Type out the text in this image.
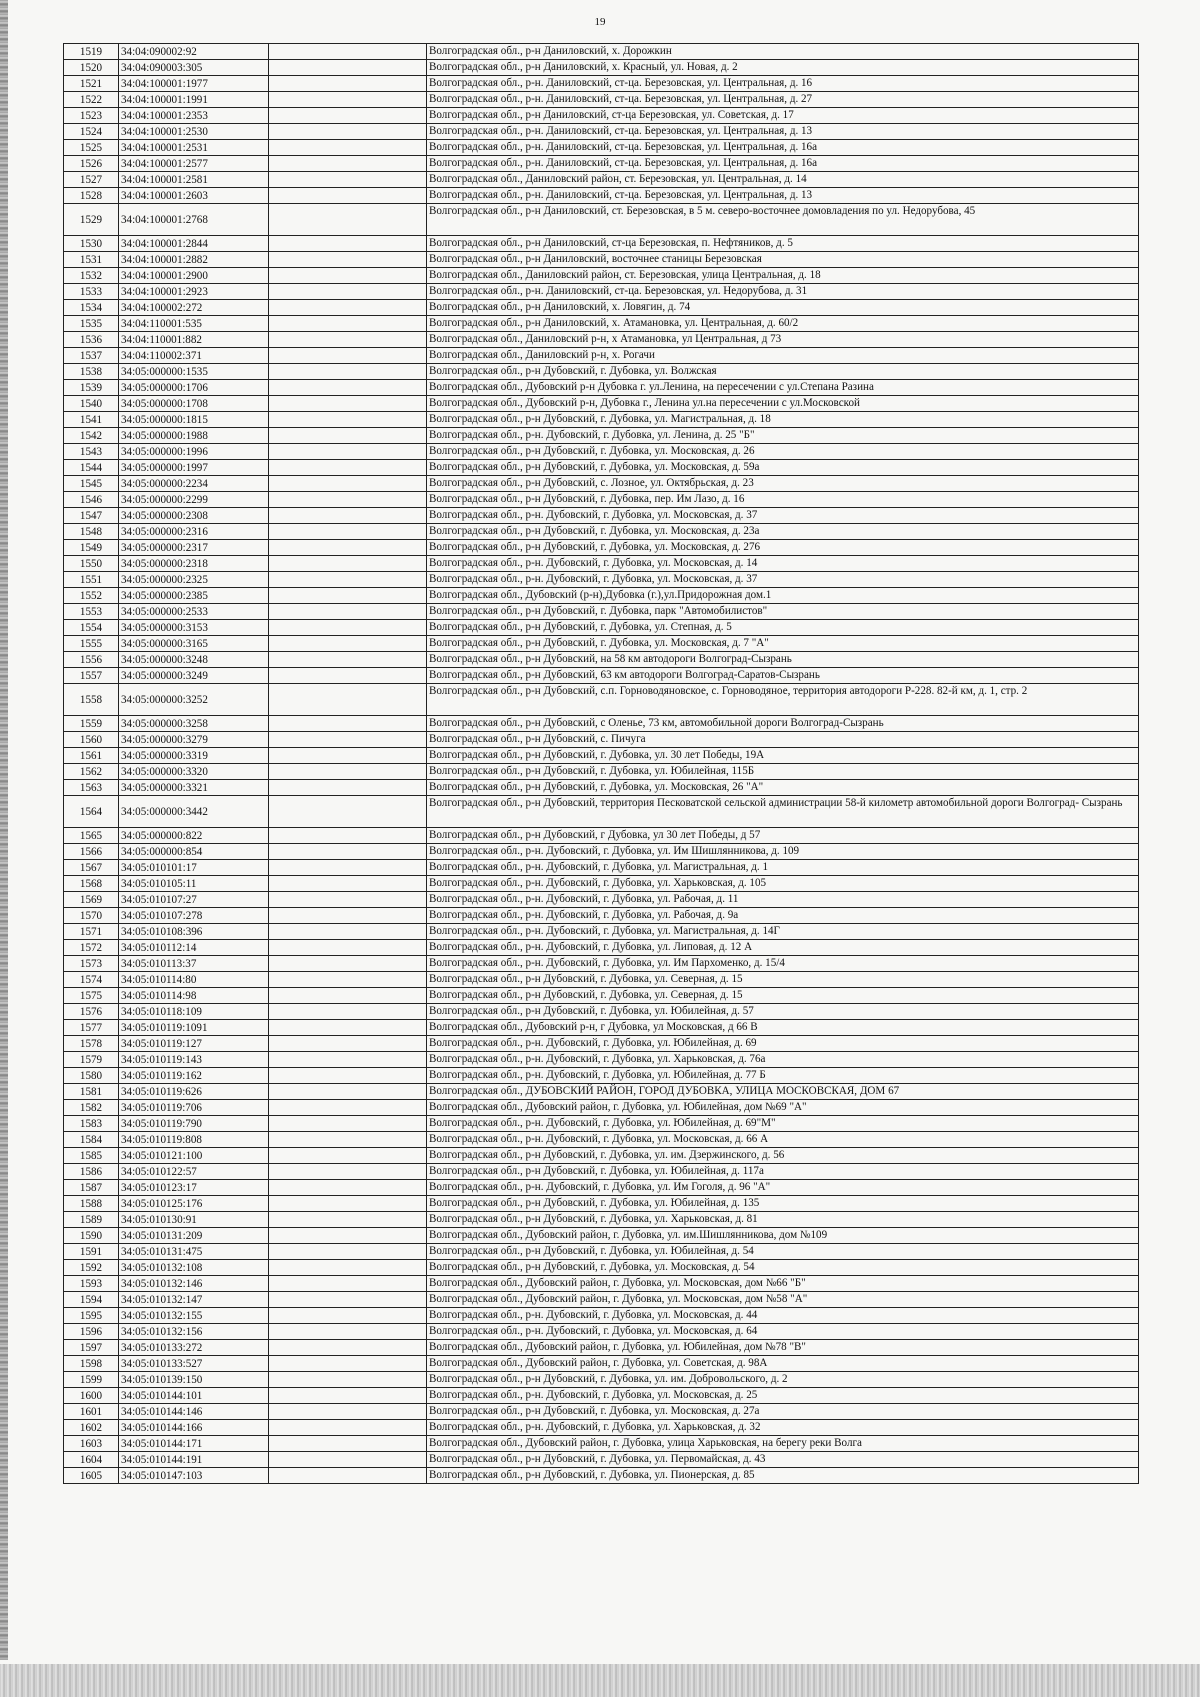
19
1519	34:04:090002:92		Волгоградская обл., р-н Даниловский, х. Дорожкин
1520	34:04:090003:305		Волгоградская обл., р-н Даниловский, х. Красный, ул. Новая, д. 2
1521	34:04:100001:1977		Волгоградская обл., р-н. Даниловский, ст-ца. Березовская, ул. Центральная, д. 16
1522	34:04:100001:1991		Волгоградская обл., р-н. Даниловский, ст-ца. Березовская, ул. Центральная, д. 27
1523	34:04:100001:2353		Волгоградская обл., р-н Даниловский, ст-ца Березовская, ул. Советская, д. 17
1524	34:04:100001:2530		Волгоградская обл., р-н. Даниловский, ст-ца. Березовская, ул. Центральная, д. 13
1525	34:04:100001:2531		Волгоградская обл., р-н. Даниловский, ст-ца. Березовская, ул. Центральная, д. 16а
1526	34:04:100001:2577		Волгоградская обл., р-н. Даниловский, ст-ца. Березовская, ул. Центральная, д. 16а
1527	34:04:100001:2581		Волгоградская обл., Даниловский район, ст. Березовская, ул. Центральная, д. 14
1528	34:04:100001:2603		Волгоградская обл., р-н. Даниловский, ст-ца. Березовская, ул. Центральная, д. 13
1529	34:04:100001:2768		Волгоградская обл., р-н Даниловский, ст. Березовская, в 5 м. северо-восточнее домовладения по ул. Недорубова, 45
1530	34:04:100001:2844		Волгоградская обл., р-н Даниловский, ст-ца Березовская, п. Нефтяников, д. 5
1531	34:04:100001:2882		Волгоградская обл., р-н Даниловский, восточнее станицы Березовская
1532	34:04:100001:2900		Волгоградская обл., Даниловский район, ст. Березовская, улица Центральная, д. 18
1533	34:04:100001:2923		Волгоградская обл., р-н. Даниловский, ст-ца. Березовская, ул. Недорубова, д. 31
1534	34:04:100002:272		Волгоградская обл., р-н Даниловский, х. Ловягин, д. 74
1535	34:04:110001:535		Волгоградская обл., р-н Даниловский, х. Атамановка, ул. Центральная, д. 60/2
1536	34:04:110001:882		Волгоградская обл., Даниловский р-н, х Атамановка, ул Центральная, д 73
1537	34:04:110002:371		Волгоградская обл., Даниловский р-н, х. Рогачи
1538	34:05:000000:1535		Волгоградская обл., р-н Дубовский, г. Дубовка, ул. Волжская
1539	34:05:000000:1706		Волгоградская обл., Дубовский р-н Дубовка г. ул.Ленина, на пересечении с ул.Степана Разина
1540	34:05:000000:1708		Волгоградская обл., Дубовский р-н, Дубовка г., Ленина ул.на пересечении с ул.Московской
1541	34:05:000000:1815		Волгоградская обл., р-н Дубовский, г. Дубовка, ул. Магистральная, д. 18
1542	34:05:000000:1988		Волгоградская обл., р-н. Дубовский, г. Дубовка, ул. Ленина, д. 25 "Б"
1543	34:05:000000:1996		Волгоградская обл., р-н Дубовский, г. Дубовка, ул. Московская, д. 26
1544	34:05:000000:1997		Волгоградская обл., р-н Дубовский, г. Дубовка, ул. Московская, д. 59а
1545	34:05:000000:2234		Волгоградская обл., р-н Дубовский, с. Лозное, ул. Октябрьская, д. 23
1546	34:05:000000:2299		Волгоградская обл., р-н Дубовский, г. Дубовка, пер. Им Лазо, д. 16
1547	34:05:000000:2308		Волгоградская обл., р-н. Дубовский, г. Дубовка, ул. Московская, д. 37
1548	34:05:000000:2316		Волгоградская обл., р-н Дубовский, г. Дубовка, ул. Московская, д. 23а
1549	34:05:000000:2317		Волгоградская обл., р-н Дубовский, г. Дубовка, ул. Московская, д. 276
1550	34:05:000000:2318		Волгоградская обл., р-н. Дубовский, г. Дубовка, ул. Московская, д. 14
1551	34:05:000000:2325		Волгоградская обл., р-н. Дубовский, г. Дубовка, ул. Московская, д. 37
1552	34:05:000000:2385		Волгоградская обл., Дубовский (р-н),Дубовка (г.),ул.Придорожная дом.1
1553	34:05:000000:2533		Волгоградская обл., р-н Дубовский, г. Дубовка, парк "Автомобилистов"
1554	34:05:000000:3153		Волгоградская обл., р-н Дубовский, г. Дубовка, ул. Степная, д. 5
1555	34:05:000000:3165		Волгоградская обл., р-н Дубовский, г. Дубовка, ул. Московская, д. 7 "А"
1556	34:05:000000:3248		Волгоградская обл., р-н Дубовский, на 58 км автодороги Волгоград-Сызрань
1557	34:05:000000:3249		Волгоградская обл., р-н Дубовский, 63 км автодороги Волгоград-Саратов-Сызрань
1558	34:05:000000:3252		Волгоградская обл., р-н Дубовский, с.п. Горноводяновское, с. Горноводяное, территория автодороги Р-228. 82-й км, д. 1, стр. 2
1559	34:05:000000:3258		Волгоградская обл., р-н Дубовский, с Оленье, 73 км, автомобильной дороги Волгоград-Сызрань
1560	34:05:000000:3279		Волгоградская обл., р-н Дубовский, с. Пичуга
1561	34:05:000000:3319		Волгоградская обл., р-н Дубовский, г. Дубовка, ул. 30 лет Победы, 19А
1562	34:05:000000:3320		Волгоградская обл., р-н Дубовский, г. Дубовка, ул. Юбилейная, 115Б
1563	34:05:000000:3321		Волгоградская обл., р-н Дубовский, г. Дубовка, ул. Московская, 26 "А"
1564	34:05:000000:3442		Волгоградская обл., р-н Дубовский, территория Песковатской сельской администрации 58-й километр автомобильной дороги Волгоград- Сызрань
1565	34:05:000000:822		Волгоградская обл., р-н Дубовский, г Дубовка, ул 30 лет Победы, д 57
1566	34:05:000000:854		Волгоградская обл., р-н. Дубовский, г. Дубовка, ул. Им Шишлянникова, д. 109
1567	34:05:010101:17		Волгоградская обл., р-н. Дубовский, г. Дубовка, ул. Магистральная, д. 1
1568	34:05:010105:11		Волгоградская обл., р-н. Дубовский, г. Дубовка, ул. Харьковская, д. 105
1569	34:05:010107:27		Волгоградская обл., р-н. Дубовский, г. Дубовка, ул. Рабочая, д. 11
1570	34:05:010107:278		Волгоградская обл., р-н. Дубовский, г. Дубовка, ул. Рабочая, д. 9а
1571	34:05:010108:396		Волгоградская обл., р-н. Дубовский, г. Дубовка, ул. Магистральная, д. 14Г
1572	34:05:010112:14		Волгоградская обл., р-н. Дубовский, г. Дубовка, ул. Липовая, д. 12 А
1573	34:05:010113:37		Волгоградская обл., р-н. Дубовский, г. Дубовка, ул. Им Пархоменко, д. 15/4
1574	34:05:010114:80		Волгоградская обл., р-н Дубовский, г. Дубовка, ул. Северная, д. 15
1575	34:05:010114:98		Волгоградская обл., р-н Дубовский, г. Дубовка, ул. Северная, д. 15
1576	34:05:010118:109		Волгоградская обл., р-н Дубовский, г. Дубовка, ул. Юбилейная, д. 57
1577	34:05:010119:1091		Волгоградская обл., Дубовский р-н, г Дубовка, ул Московская, д 66 В
1578	34:05:010119:127		Волгоградская обл., р-н. Дубовский, г. Дубовка, ул. Юбилейная, д. 69
1579	34:05:010119:143		Волгоградская обл., р-н. Дубовский, г. Дубовка, ул. Харьковская, д. 76а
1580	34:05:010119:162		Волгоградская обл., р-н. Дубовский, г. Дубовка, ул. Юбилейная, д. 77 Б
1581	34:05:010119:626		Волгоградская обл., ДУБОВСКИЙ РАЙОН, ГОРОД ДУБОВКА, УЛИЦА МОСКОВСКАЯ, ДОМ 67
1582	34:05:010119:706		Волгоградская обл., Дубовский район, г. Дубовка, ул. Юбилейная, дом №69 "А"
1583	34:05:010119:790		Волгоградская обл., р-н. Дубовский, г. Дубовка, ул. Юбилейная, д. 69"М"
1584	34:05:010119:808		Волгоградская обл., р-н. Дубовский, г. Дубовка, ул. Московская, д. 66 А
1585	34:05:010121:100		Волгоградская обл., р-н Дубовский, г. Дубовка, ул. им. Дзержинского, д. 56
1586	34:05:010122:57		Волгоградская обл., р-н Дубовский, г. Дубовка, ул. Юбилейная, д. 117а
1587	34:05:010123:17		Волгоградская обл., р-н. Дубовский, г. Дубовка, ул. Им Гоголя, д. 96 "А"
1588	34:05:010125:176		Волгоградская обл., р-н Дубовский, г. Дубовка, ул. Юбилейная, д. 135
1589	34:05:010130:91		Волгоградская обл., р-н Дубовский, г. Дубовка, ул. Харьковская, д. 81
1590	34:05:010131:209		Волгоградская обл., Дубовский район, г. Дубовка, ул. им.Шишлянникова, дом №109
1591	34:05:010131:475		Волгоградская обл., р-н Дубовский, г. Дубовка, ул. Юбилейная, д. 54
1592	34:05:010132:108		Волгоградская обл., р-н Дубовский, г. Дубовка, ул. Московская, д. 54
1593	34:05:010132:146		Волгоградская обл., Дубовский район, г. Дубовка, ул. Московская, дом №66 "Б"
1594	34:05:010132:147		Волгоградская обл., Дубовский район, г. Дубовка, ул. Московская, дом №58 "А"
1595	34:05:010132:155		Волгоградская обл., р-н. Дубовский, г. Дубовка, ул. Московская, д. 44
1596	34:05:010132:156		Волгоградская обл., р-н. Дубовский, г. Дубовка, ул. Московская, д. 64
1597	34:05:010133:272		Волгоградская обл., Дубовский район, г. Дубовка, ул. Юбилейная, дом №78 "В"
1598	34:05:010133:527		Волгоградская обл., Дубовский район, г. Дубовка, ул. Советская, д. 98А
1599	34:05:010139:150		Волгоградская обл., р-н Дубовский, г. Дубовка, ул. им. Добровольского, д. 2
1600	34:05:010144:101		Волгоградская обл., р-н. Дубовский, г. Дубовка, ул. Московская, д. 25
1601	34:05:010144:146		Волгоградская обл., р-н Дубовский, г. Дубовка, ул. Московская, д. 27а
1602	34:05:010144:166		Волгоградская обл., р-н. Дубовский, г. Дубовка, ул. Харьковская, д. 32
1603	34:05:010144:171		Волгоградская обл., Дубовский район, г. Дубовка, улица Харьковская, на берегу реки Волга
1604	34:05:010144:191		Волгоградская обл., р-н Дубовский, г. Дубовка, ул. Первомайская, д. 43
1605	34:05:010147:103		Волгоградская обл., р-н Дубовский, г. Дубовка, ул. Пионерская, д. 85
